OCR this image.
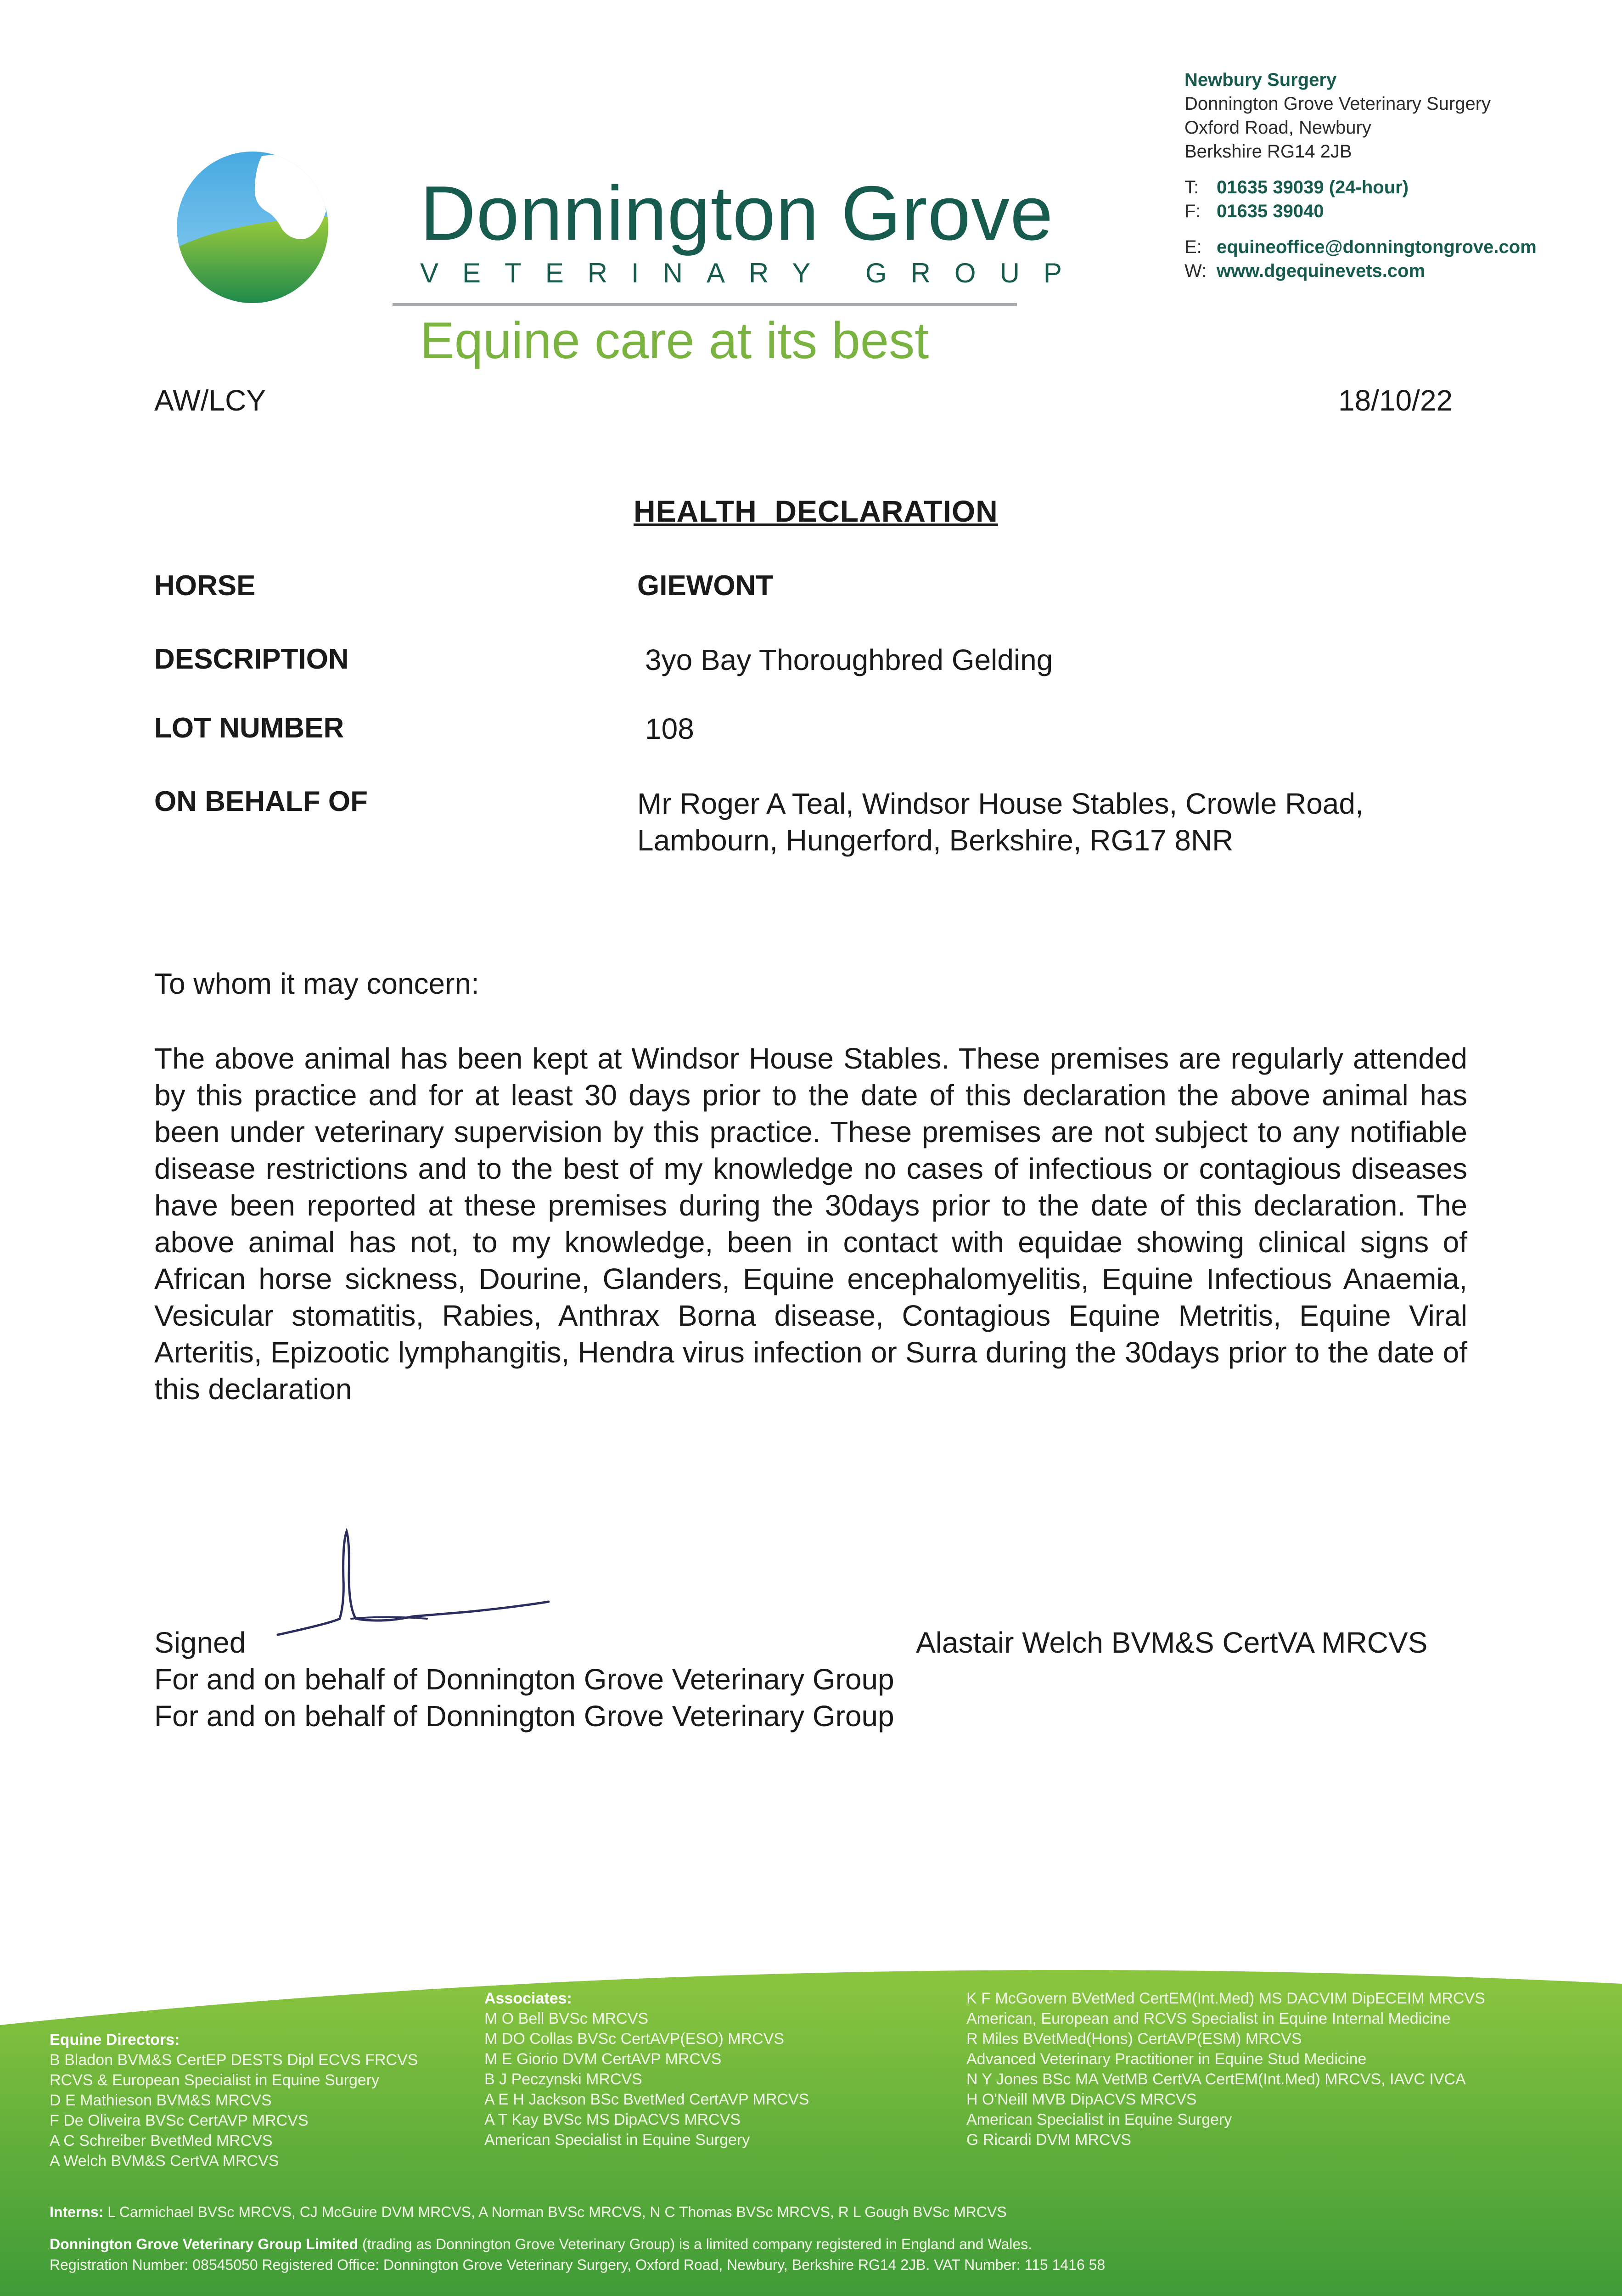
Donnington Grove
VETERINARY GROUP
Equine care at its best
Newbury Surgery
Donnington Grove Veterinary Surgery
Oxford Road, Newbury
Berkshire RG14 2JB
T: 01635 39039 (24-hour)
F: 01635 39040
E: equineoffice@donningtongrove.com
W: www.dgequinevets.com
AW/LCY	18/10/22
HEALTH  DECLARATION
HORSE	GIEWONT
DESCRIPTION	3yo Bay Thoroughbred Gelding
LOT NUMBER	108
ON BEHALF OF	Mr Roger A Teal, Windsor House Stables, Crowle Road,
Lambourn, Hungerford, Berkshire, RG17 8NR
To whom it may concern:
The above animal has been kept at Windsor House Stables. These premises are regularly attended by this practice and for at least 30 days prior to the date of this declaration the above animal has been under veterinary supervision by this practice. These premises are not subject to any notifiable disease restrictions and to the best of my knowledge no cases of infectious or contagious diseases have been reported at these premises during the 30days prior to the date of this declaration. The above animal has not, to my knowledge, been in contact with equidae showing clinical signs of African horse sickness, Dourine, Glanders, Equine encephalomyelitis, Equine Infectious Anaemia, Vesicular stomatitis, Rabies, Anthrax Borna disease, Contagious Equine Metritis, Equine Viral Arteritis, Epizootic lymphangitis, Hendra virus infection or Surra during the 30days prior to the date of this declaration
Signed	Alastair Welch BVM&S CertVA MRCVS
For and on behalf of Donnington Grove Veterinary Group
For and on behalf of Donnington Grove Veterinary Group
Equine Directors:
B Bladon BVM&S CertEP DESTS Dipl ECVS FRCVS
RCVS & European Specialist in Equine Surgery
D E Mathieson BVM&S MRCVS
F De Oliveira BVSc CertAVP MRCVS
A C Schreiber BvetMed MRCVS
A Welch BVM&S CertVA MRCVS
Associates:
M O Bell BVSc MRCVS
M DO Collas BVSc CertAVP(ESO) MRCVS
M E Giorio DVM CertAVP MRCVS
B J Peczynski MRCVS
A E H Jackson BSc BvetMed CertAVP MRCVS
A T Kay BVSc MS DipACVS MRCVS
American Specialist in Equine Surgery
K F McGovern BVetMed CertEM(Int.Med) MS DACVIM DipECEIM MRCVS
American, European and RCVS Specialist in Equine Internal Medicine
R Miles BVetMed(Hons) CertAVP(ESM) MRCVS
Advanced Veterinary Practitioner in Equine Stud Medicine
N Y Jones BSc MA VetMB CertVA CertEM(Int.Med) MRCVS, IAVC IVCA
H O'Neill MVB DipACVS MRCVS
American Specialist in Equine Surgery
G Ricardi DVM MRCVS
Interns: L Carmichael BVSc MRCVS, CJ McGuire DVM MRCVS, A Norman BVSc MRCVS, N C Thomas BVSc MRCVS, R L Gough BVSc MRCVS
Donnington Grove Veterinary Group Limited (trading as Donnington Grove Veterinary Group) is a limited company registered in England and Wales.
Registration Number: 08545050 Registered Office: Donnington Grove Veterinary Surgery, Oxford Road, Newbury, Berkshire RG14 2JB. VAT Number: 115 1416 58
